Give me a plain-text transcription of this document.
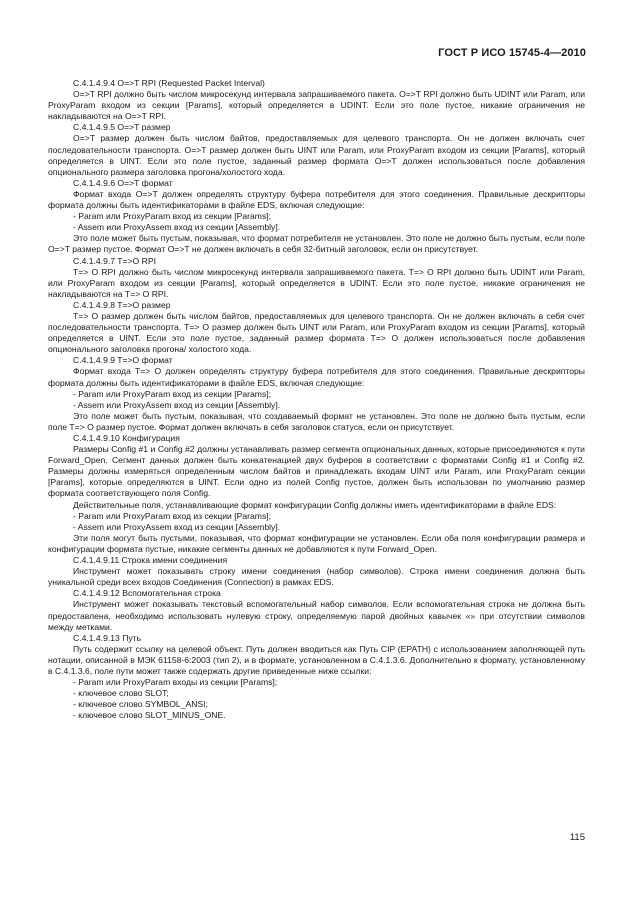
ГОСТ Р ИСО 15745-4—2010

C.4.1.4.9.4 O=>T RPI (Requested Packet Interval)

O=>T RPI должно быть числом микросекунд интервала запрашиваемого пакета. O=>T RPI должно быть UDINT или Param, или ProxyParam входом из секции [Params], который определяется в UDINT. Если это поле пустое, никакие ограничения не накладываются на O=>T RPI.

C.4.1.4.9.5 O=>T размер

O=>T размер должен быть числом байтов, предоставляемых для целевого транспорта. Он не должен включать счет последовательности транспорта. O=>T размер должен быть UINT или Param, или ProxyParam входом из секции [Params], который определяется в UINT. Если это поле пустое, заданный размер формата O=>T должен использоваться после добавления опционального размера заголовка прогона/холостого хода.

C.4.1.4.9.6 O=>T формат

Формат входа O=>T должен определять структуру буфера потребителя для этого соединения. Правильные дескрипторы формата должны быть идентификаторами в файле EDS, включая следующие:

- Param или ProxyParam вход из секции [Params];

- Assem или ProxyAssem вход из секции [Assembly].

Это поле может быть пустым, показывая, что формат потребителя не установлен. Это поле не должно быть пустым, если поле O=>T размер пустое. Формат O=>T не должен включать в себя 32-битный заголовок, если он присутствует.

C.4.1.4.9.7 T=>O RPI

T=> O RPI должно быть числом микросекунд интервала запрашиваемого пакета. T=> O RPI должно быть UDINT или Param, или ProxyParam входом из секции [Params], который определяется в UDINT. Если это поле пустое, никакие ограничения не накладываются на T=> O RPI.

C.4.1.4.9.8 T=>O размер

T=> O размер должен быть числом байтов, предоставляемых для целевого транспорта. Он не должен включать в себя счет последовательности транспорта. T=> O размер должен быть UINT или Param, или ProxyParam входом из секции [Params], который определяется в UINT. Если это поле пустое, заданный размер формата T=> O должен использоваться после добавления опционального заголовка прогона/ холостого хода.

C.4.1.4.9.9 T=>O формат

Формат входа T=> O должен определять структуру буфера потребителя для этого соединения. Правильные дескрипторы формата должны быть идентификаторами в файле EDS, включая следующие:

- Param или ProxyParam вход из секции [Params];

- Assem или ProxyAssem вход из секции [Assembly].

Это поле может быть пустым, показывая, что создаваемый формат не установлен. Это поле не должно быть пустым, если поле T=> O размер пустое. Формат должен включать в себя заголовок статуса, если он присутствует.

C.4.1.4.9.10 Конфигурация

Размеры Config #1 и Config #2 должны устанавливать размер сегмента опциональных данных, которые присоединяются к пути Forward_Open. Сегмент данных должен быть конкатенацией двух буферов в соответствии с форматами Config #1 и Config #2. Размеры должны измеряться определенным числом байтов и принадлежать входам UINT или Param, или ProxyParam секции [Params], которые определяются в UINT. Если одно из полей Config пустое, должен быть использован по умолчанию размер формата соответствующего поля Config.

Действительные поля, устанавливающие формат конфигурации Config должны иметь идентификаторами в файле EDS:

- Param или ProxyParam вход из секции [Params];

- Assem или ProxyAssem вход из секции [Assembly].

Эти поля могут быть пустыми, показывая, что формат конфигурации не установлен. Если оба поля конфигурации размера и конфигурации формата пустые, никакие сегменты данных не добавляются к пути Forward_Open.

C.4.1.4.9.11 Строка имени соединения

Инструмент может показывать строку имени соединения (набор символов). Строка имени соединения должна быть уникальной среди всех входов Соединения (Connection) в рамках EDS.

C.4.1.4.9.12 Вспомогательная строка

Инструмент может показывать текстовый вспомогательный набор символов. Если вспомогательная строка не должна быть предоставлена, необходимо использовать нулевую строку, определяемую парой двойных кавычек «» при отсутствии символов между метками.

C.4.1.4.9.13 Путь

Путь содержит ссылку на целевой объект. Путь должен вводиться как Путь CIP (EPATH) с использованием заполняющей путь нотации, описанной в МЭК 61158-6:2003 (тип 2), и в формате, установленном в C.4.1.3.6. Дополнительно к формату, установленному в C.4.1.3.6, поле пути может также содержать другие приведенные ниже ссылки:

- Param или ProxyParam входы из секции [Params];

- ключевое слово SLOT;

- ключевое слово SYMBOL_ANSI;

- ключевое слово SLOT_MINUS_ONE.

115
